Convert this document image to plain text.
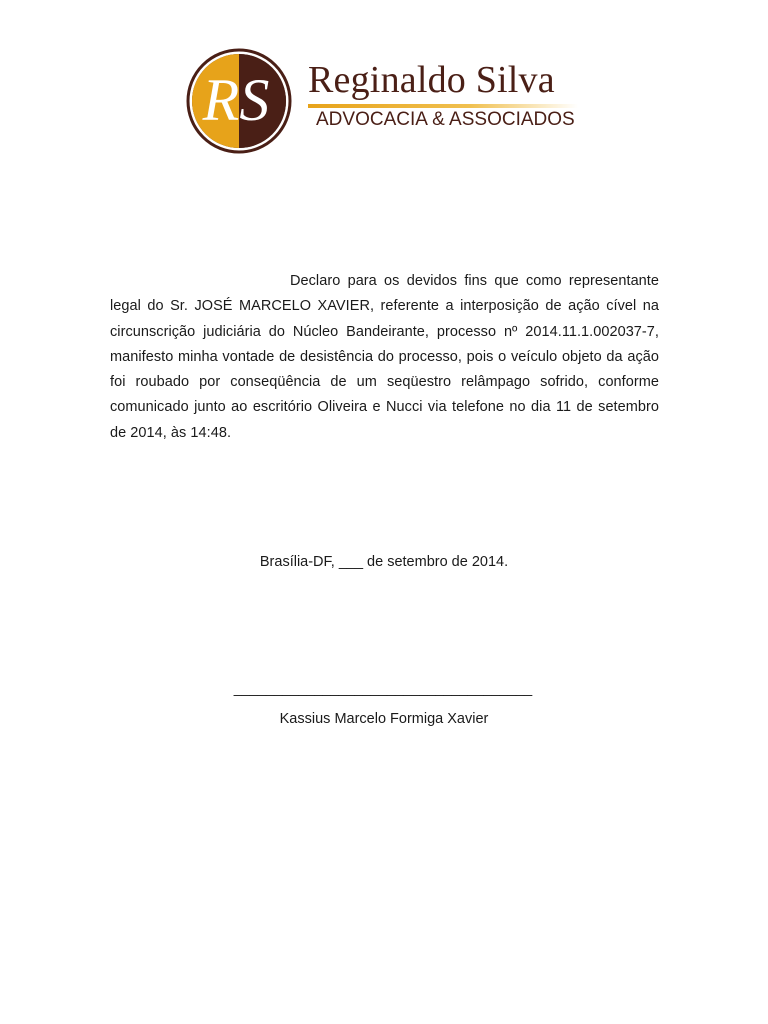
RS Reginaldo Silva
ADVOCACIA & ASSOCIADOS

Declaro para os devidos fins que como representante legal do Sr. JOSÉ MARCELO XAVIER, referente a interposição de ação cível na circunscrição judiciária do Núcleo Bandeirante, processo nº 2014.11.1.002037-7, manifesto minha vontade de desistência do processo, pois o veículo objeto da ação foi roubado por conseqüência de um seqüestro relâmpago sofrido, conforme comunicado junto ao escritório Oliveira e Nucci via telefone no dia 11 de setembro de 2014, às 14:48.

Brasília-DF, ___ de setembro de 2014.
_____________________________________
Kassius Marcelo Formiga Xavier
